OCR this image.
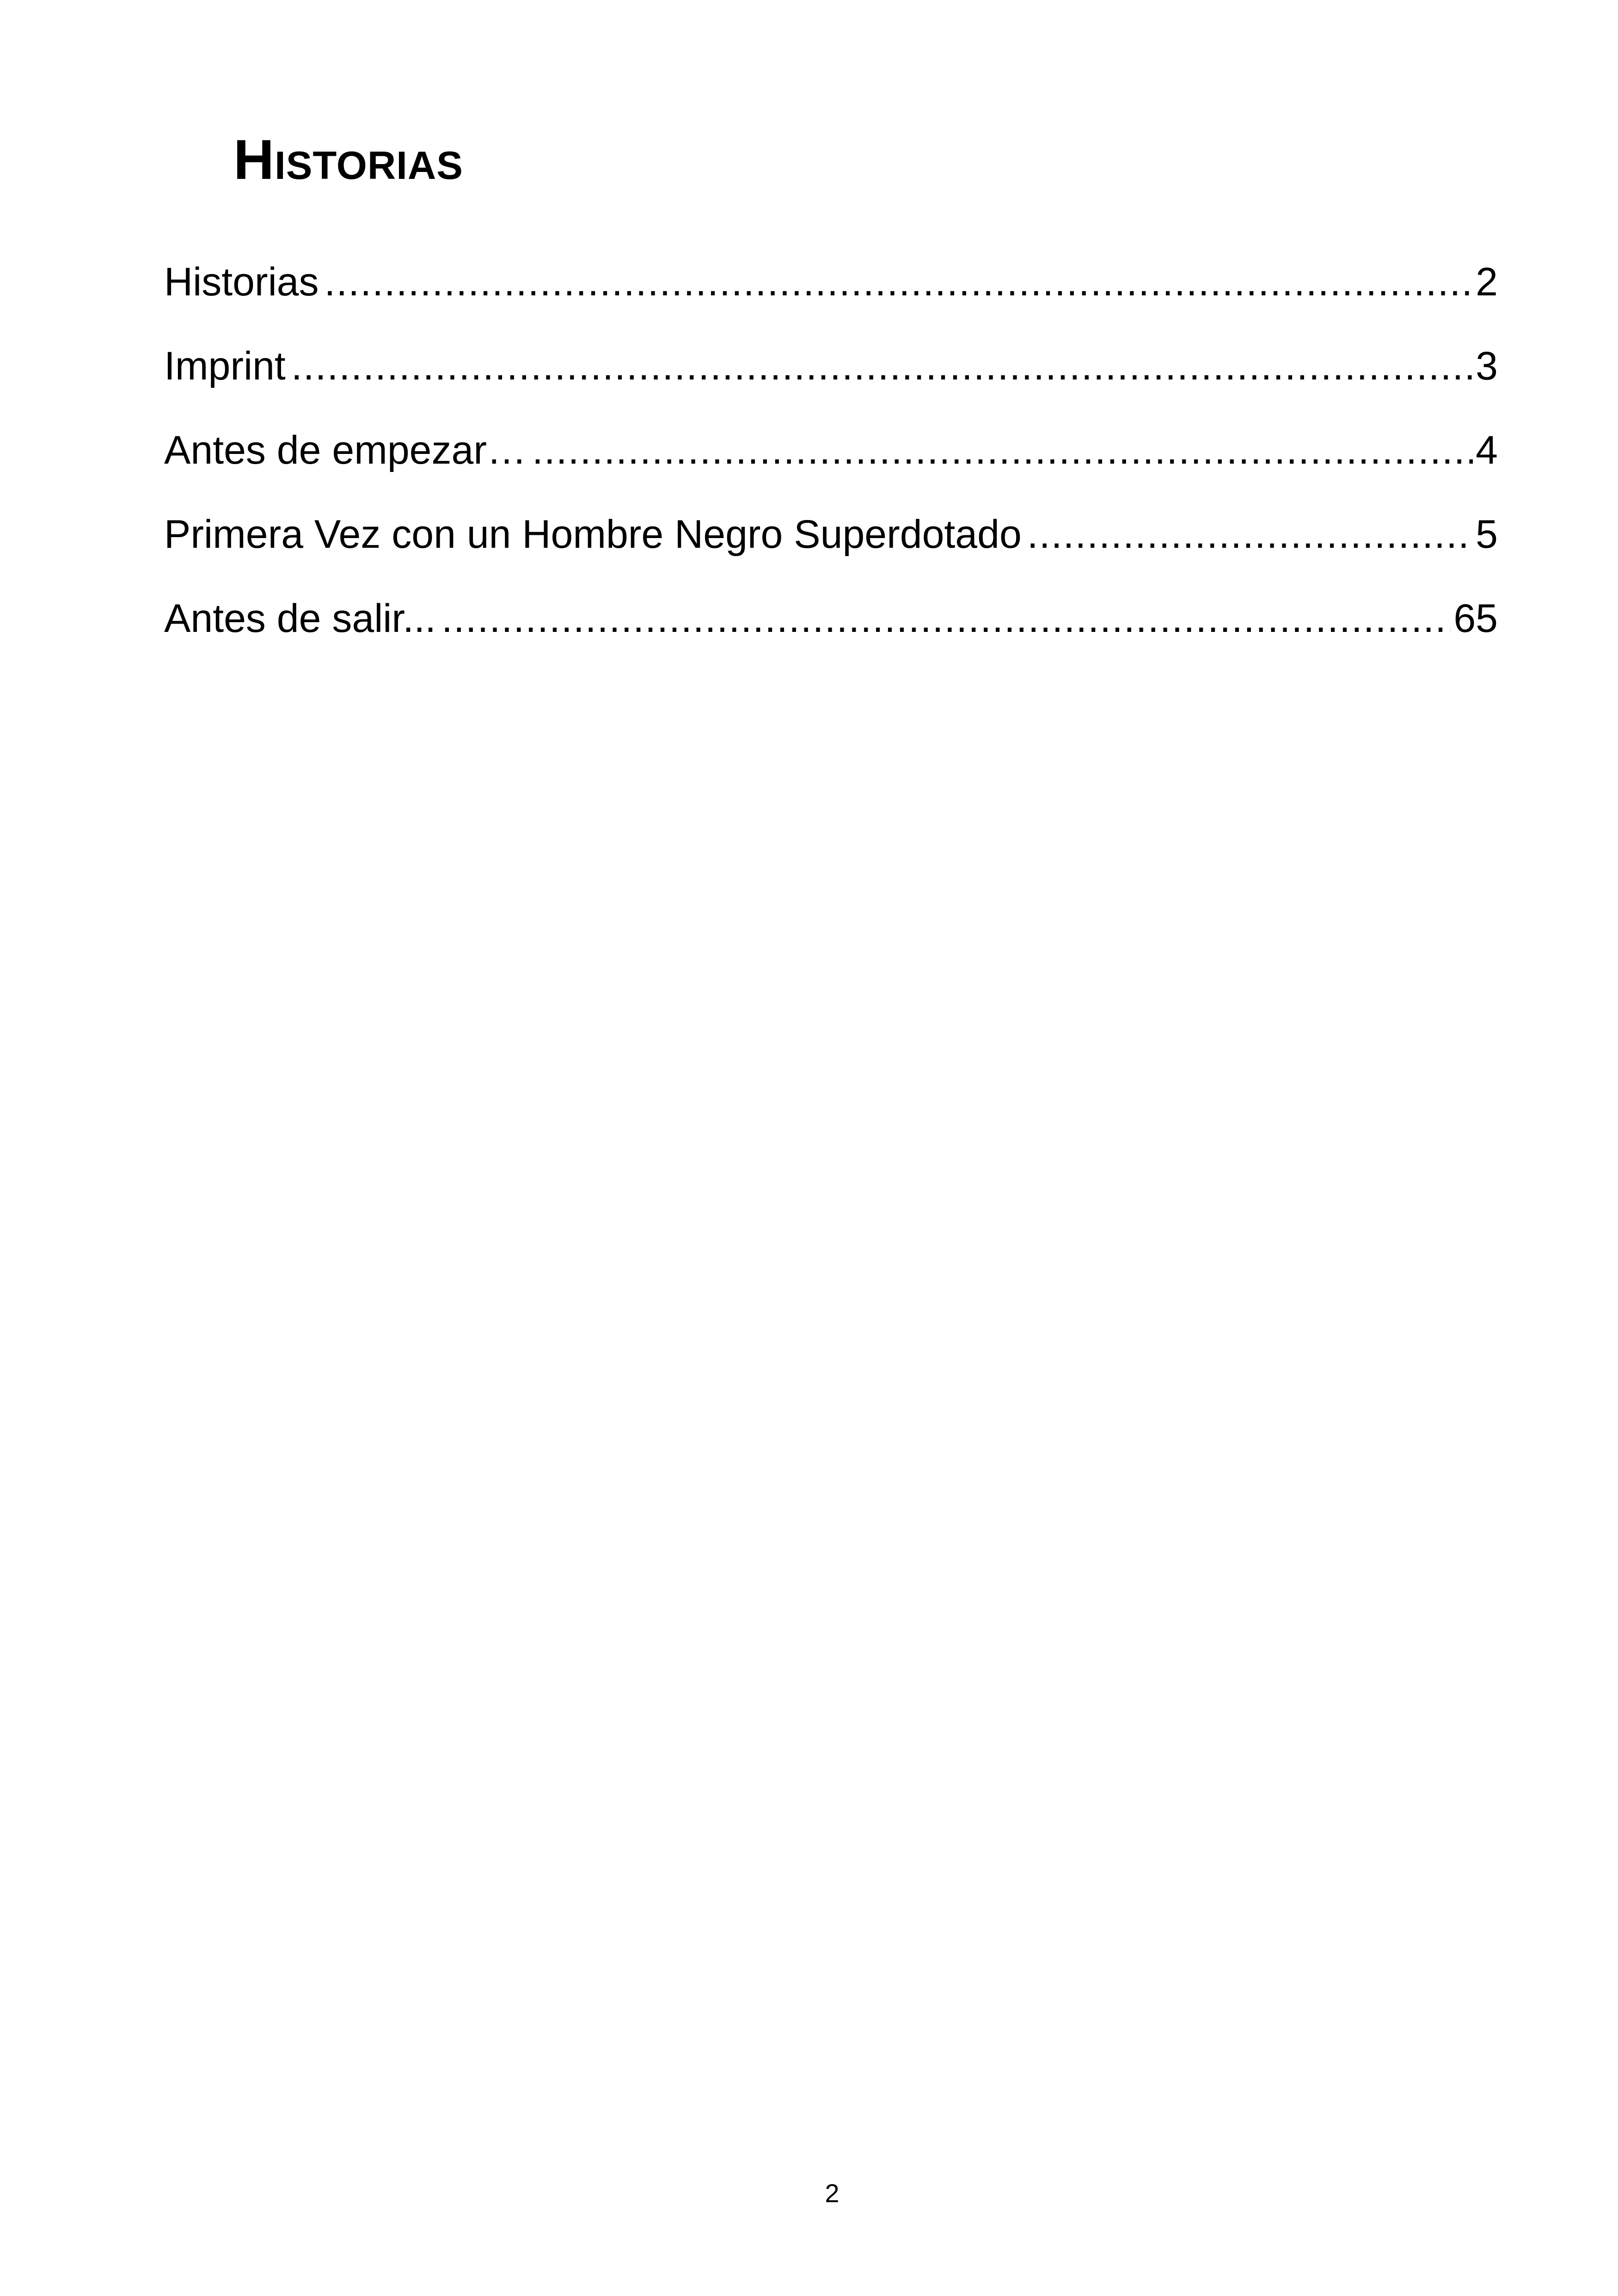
Historias
Historias .....	2
Imprint .....	3
Antes de empezar… .....	4
Primera Vez con un Hombre Negro Superdotado .....	5
Antes de salir... .....	65
2
